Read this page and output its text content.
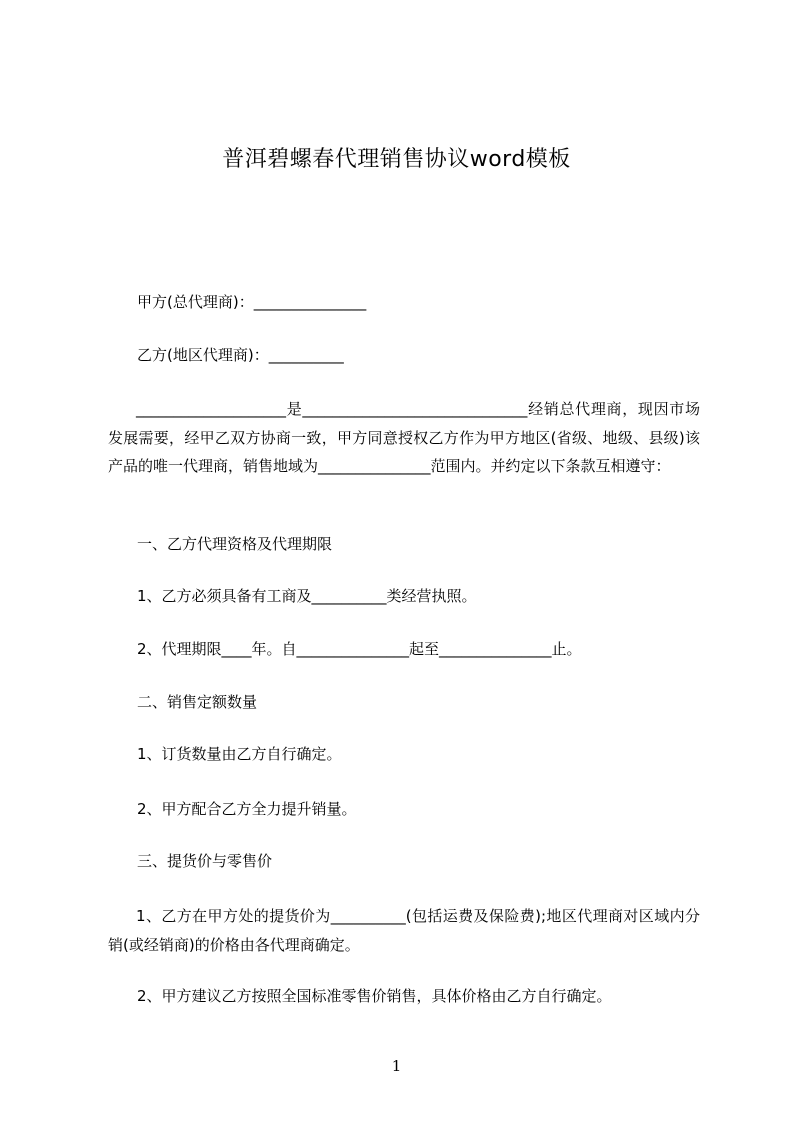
普洱碧螺春代理销售协议word模板
甲方(总代理商)：_______________
乙方(地区代理商)：__________
____________________是______________________________经销总代理商，现因市场发展需要，经甲乙双方协商一致，甲方同意授权乙方作为甲方地区(省级、地级、县级)该产品的唯一代理商，销售地域为_______________范围内。并约定以下条款互相遵守：
一、乙方代理资格及代理期限
1、乙方必须具备有工商及__________类经营执照。
2、代理期限____年。自_______________起至_______________止。
二、销售定额数量
1、订货数量由乙方自行确定。
2、甲方配合乙方全力提升销量。
三、提货价与零售价
1、乙方在甲方处的提货价为__________(包括运费及保险费);地区代理商对区域内分销(或经销商)的价格由各代理商确定。
2、甲方建议乙方按照全国标准零售价销售，具体价格由乙方自行确定。
1
